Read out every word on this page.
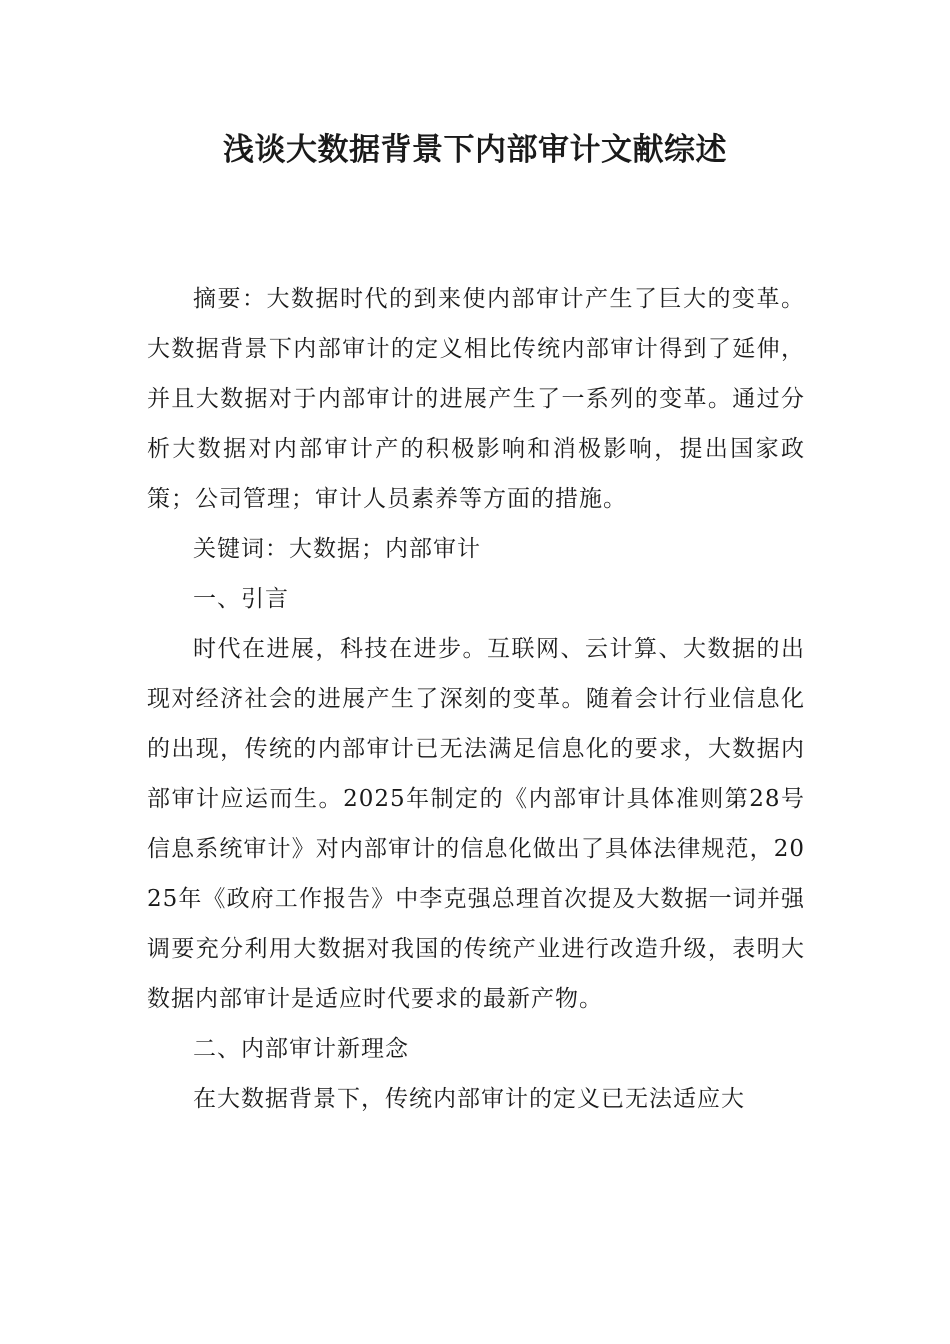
浅谈大数据背景下内部审计文献综述

摘要：大数据时代的到来使内部审计产生了巨大的变革。大数据背景下内部审计的定义相比传统内部审计得到了延伸，并且大数据对于内部审计的进展产生了一系列的变革。通过分析大数据对内部审计产的积极影响和消极影响，提出国家政策；公司管理；审计人员素养等方面的措施。

关键词：大数据；内部审计

一、引言

时代在进展，科技在进步。互联网、云计算、大数据的出现对经济社会的进展产生了深刻的变革。随着会计行业信息化的出现，传统的内部审计已无法满足信息化的要求，大数据内部审计应运而生。2025年制定的《内部审计具体准则第28号 信息系统审计》对内部审计的信息化做出了具体法律规范，2025年《政府工作报告》中李克强总理首次提及大数据一词并强调要充分利用大数据对我国的传统产业进行改造升级，表明大数据内部审计是适应时代要求的最新产物。

二、内部审计新理念

在大数据背景下，传统内部审计的定义已无法适应大
